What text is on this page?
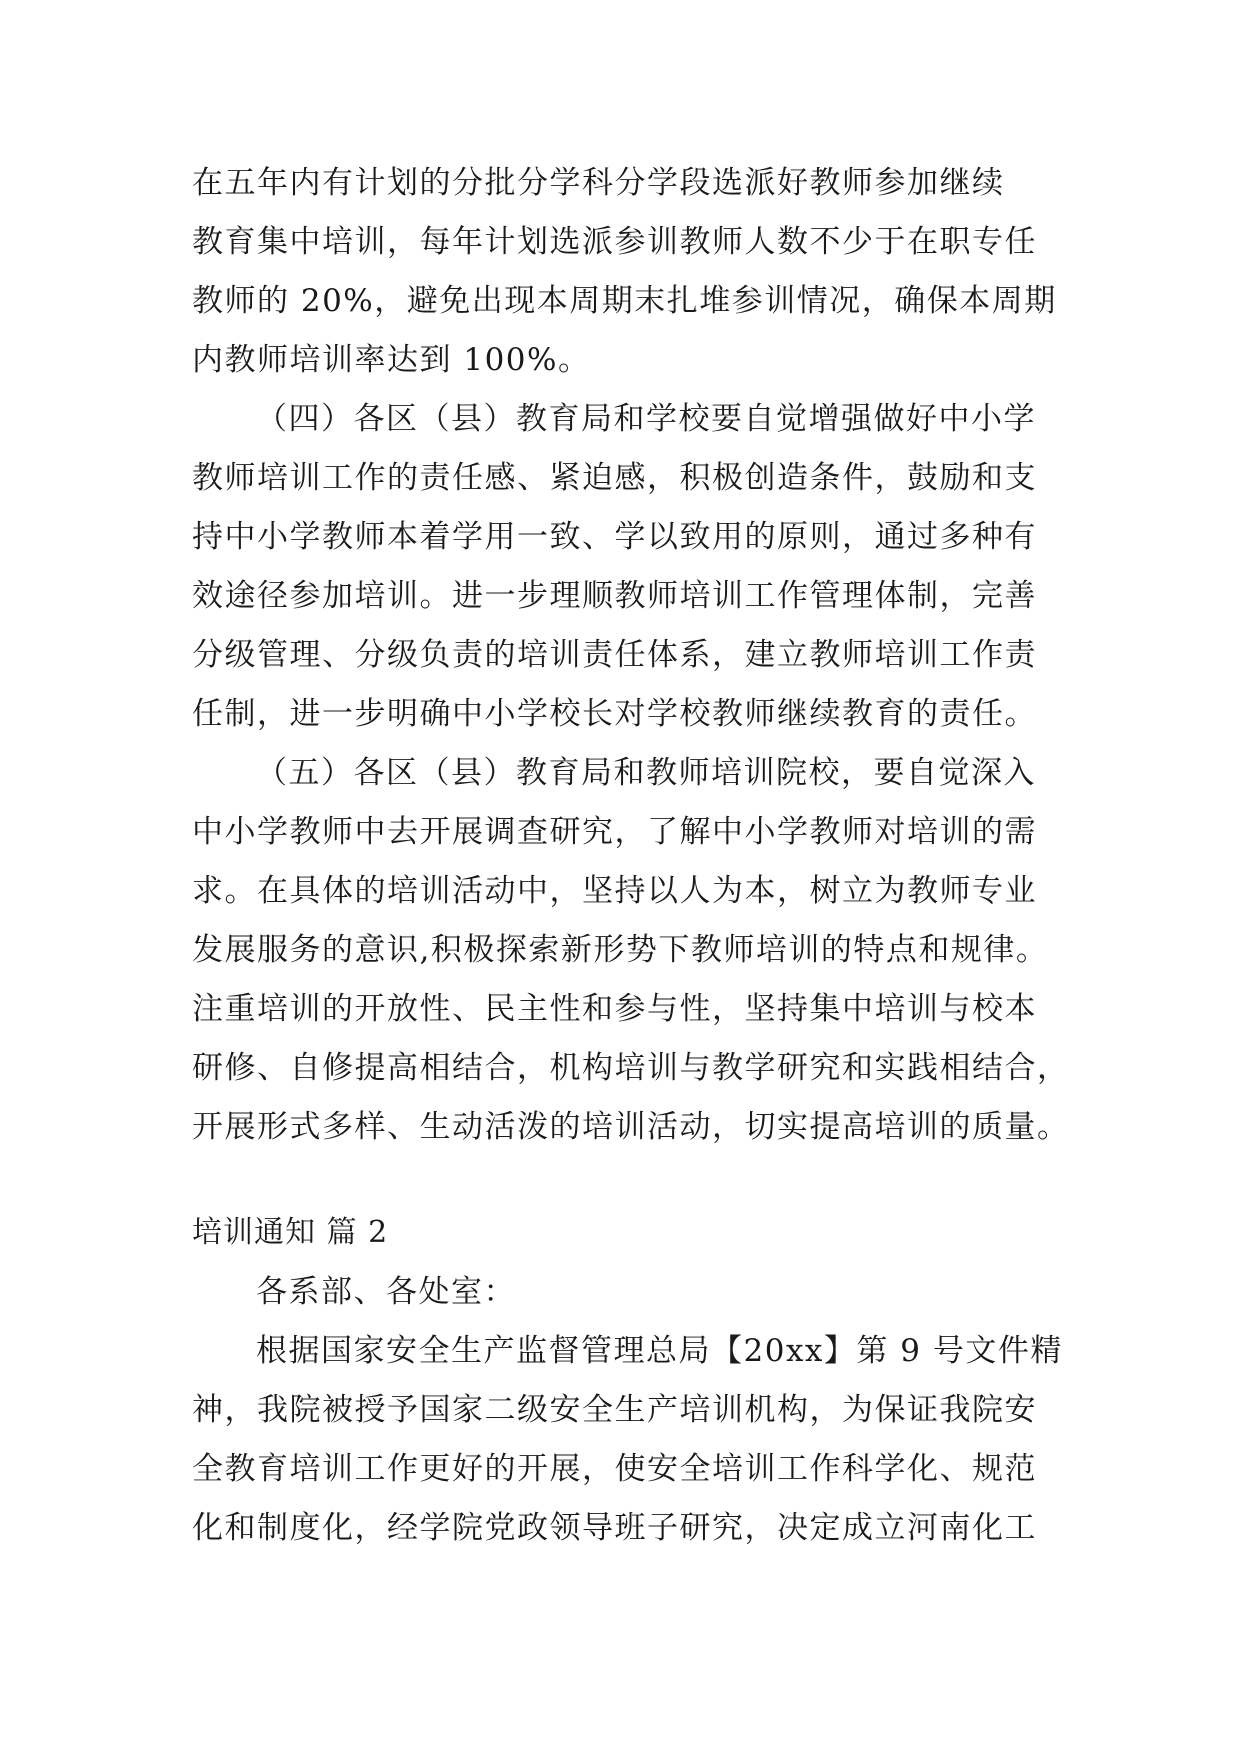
在五年内有计划的分批分学科分学段选派好教师参加继续
教育集中培训，每年计划选派参训教师人数不少于在职专任
教师的 20%，避免出现本周期末扎堆参训情况，确保本周期
内教师培训率达到 100%。
（四）各区（县）教育局和学校要自觉增强做好中小学
教师培训工作的责任感、紧迫感，积极创造条件，鼓励和支
持中小学教师本着学用一致、学以致用的原则，通过多种有
效途径参加培训。进一步理顺教师培训工作管理体制，完善
分级管理、分级负责的培训责任体系，建立教师培训工作责
任制，进一步明确中小学校长对学校教师继续教育的责任。
（五）各区（县）教育局和教师培训院校，要自觉深入
中小学教师中去开展调查研究，了解中小学教师对培训的需
求。在具体的培训活动中，坚持以人为本，树立为教师专业
发展服务的意识,积极探索新形势下教师培训的特点和规律。
注重培训的开放性、民主性和参与性，坚持集中培训与校本
研修、自修提高相结合，机构培训与教学研究和实践相结合，
开展形式多样、生动活泼的培训活动，切实提高培训的质量。
培训通知 篇 2
各系部、各处室：
根据国家安全生产监督管理总局【20xx】第 9 号文件精
神，我院被授予国家二级安全生产培训机构，为保证我院安
全教育培训工作更好的开展，使安全培训工作科学化、规范
化和制度化，经学院党政领导班子研究，决定成立河南化工
